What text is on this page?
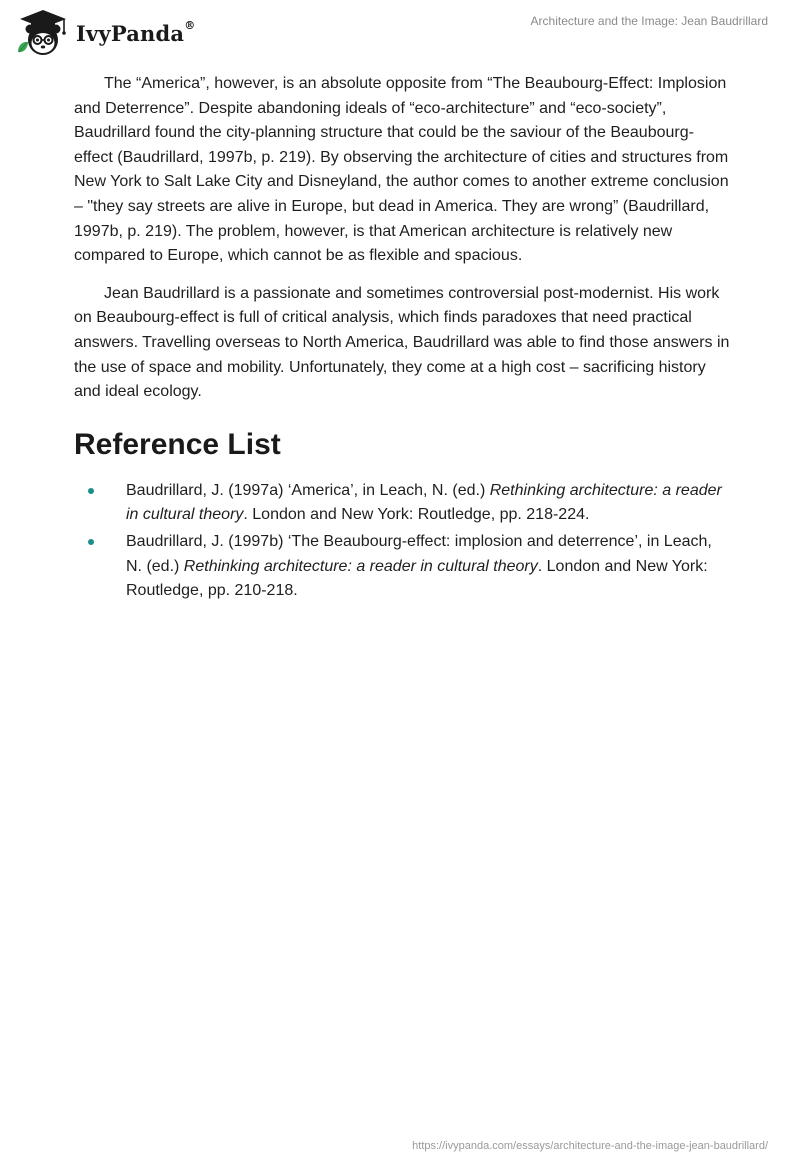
IvyPanda®	Architecture and the Image: Jean Baudrillard

The “America”, however, is an absolute opposite from “The Beaubourg-Effect: Implosion and Deterrence”. Despite abandoning ideals of “eco-architecture” and “eco-society”, Baudrillard found the city-planning structure that could be the saviour of the Beaubourg-effect (Baudrillard, 1997b, p. 219). By observing the architecture of cities and structures from New York to Salt Lake City and Disneyland, the author comes to another extreme conclusion – "they say streets are alive in Europe, but dead in America. They are wrong” (Baudrillard, 1997b, p. 219). The problem, however, is that American architecture is relatively new compared to Europe, which cannot be as flexible and spacious.

Jean Baudrillard is a passionate and sometimes controversial post-modernist. His work on Beaubourg-effect is full of critical analysis, which finds paradoxes that need practical answers. Travelling overseas to North America, Baudrillard was able to find those answers in the use of space and mobility. Unfortunately, they come at a high cost – sacrificing history and ideal ecology.

Reference List
Baudrillard, J. (1997a) ‘America’, in Leach, N. (ed.) Rethinking architecture: a reader in cultural theory. London and New York: Routledge, pp. 218-224.
Baudrillard, J. (1997b) ‘The Beaubourg-effect: implosion and deterrence’, in Leach, N. (ed.) Rethinking architecture: a reader in cultural theory. London and New York: Routledge, pp. 210-218.
https://ivypanda.com/essays/architecture-and-the-image-jean-baudrillard/
